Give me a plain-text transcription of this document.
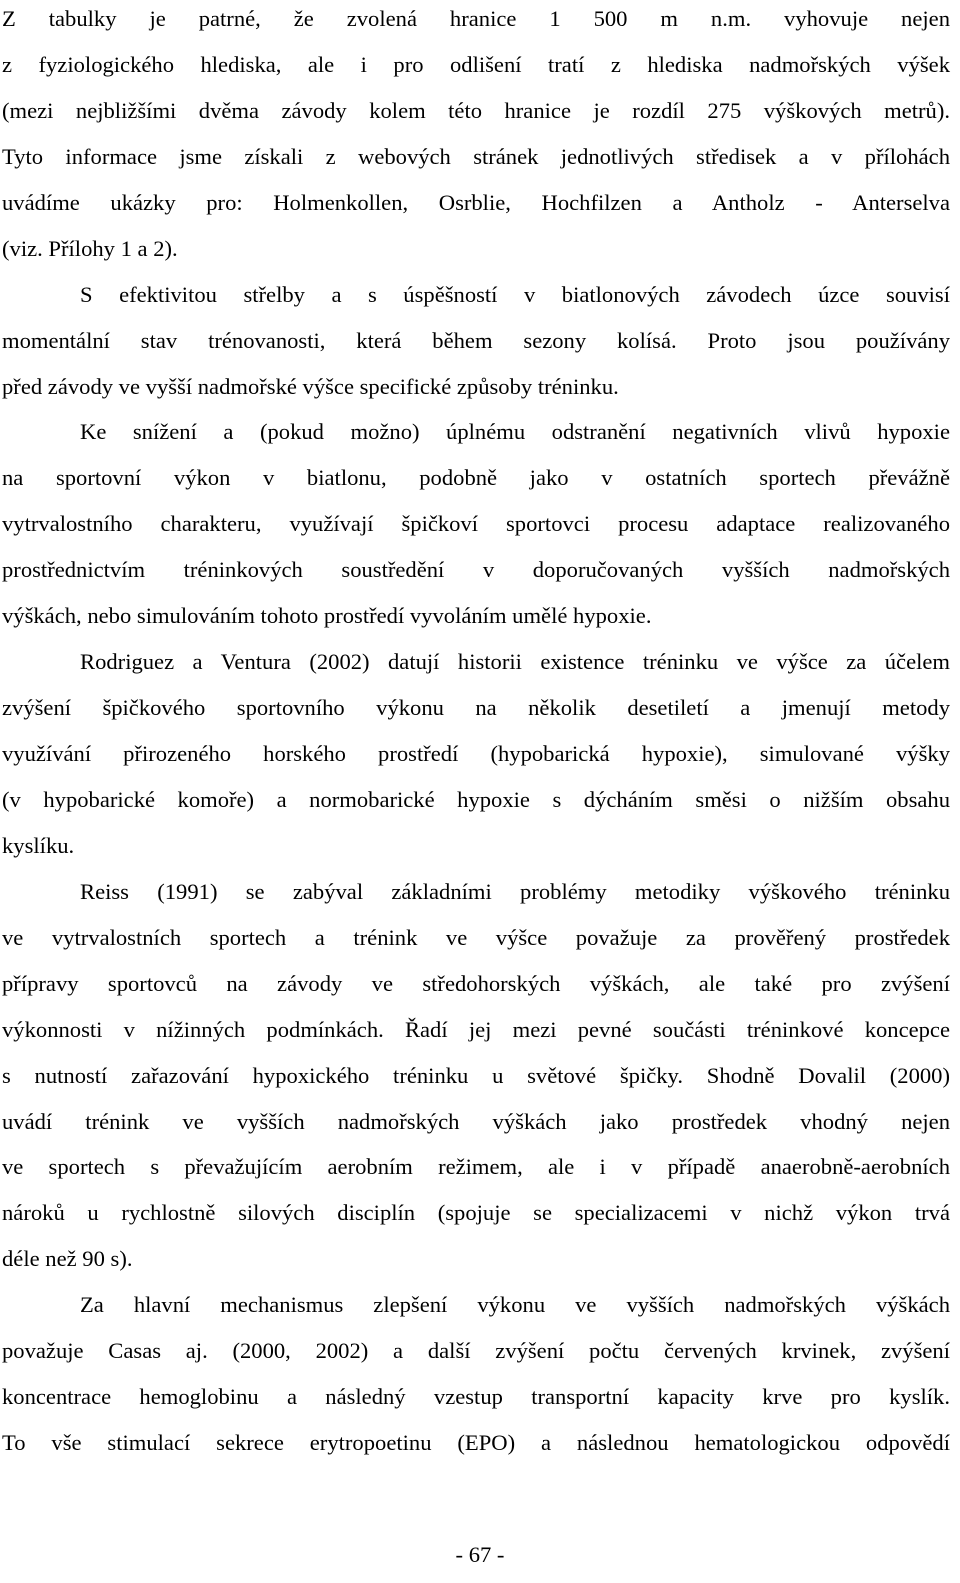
Z tabulky je patrné, že zvolená hranice 1 500 m n.m. vyhovuje nejen
z fyziologického hlediska, ale i pro odlišení tratí z hlediska nadmořských výšek
(mezi nejbližšími dvěma závody kolem této hranice je rozdíl 275 výškových metrů).
Tyto informace jsme získali z webových stránek jednotlivých středisek a v přílohách
uvádíme ukázky pro: Holmenkollen, Osrblie, Hochfilzen a Antholz - Anterselva
(viz. Přílohy 1 a 2).
S efektivitou střelby a s úspěšností v biatlonových závodech úzce souvisí
momentální stav trénovanosti, která během sezony kolísá. Proto jsou používány
před závody ve vyšší nadmořské výšce specifické způsoby tréninku.
Ke snížení a (pokud možno) úplnému odstranění negativních vlivů hypoxie
na sportovní výkon v biatlonu, podobně jako v ostatních sportech převážně
vytrvalostního charakteru, využívají špičkoví sportovci procesu adaptace realizovaného
prostřednictvím tréninkových soustředění v doporučovaných vyšších nadmořských
výškách, nebo simulováním tohoto prostředí vyvoláním umělé hypoxie.
Rodriguez a Ventura (2002) datují historii existence tréninku ve výšce za účelem
zvýšení špičkového sportovního výkonu na několik desetiletí a jmenují metody
využívání přirozeného horského prostředí (hypobarická hypoxie), simulované výšky
(v hypobarické komoře) a normobarické hypoxie s dýcháním směsi o nižším obsahu
kyslíku.
Reiss (1991) se zabýval základními problémy metodiky výškového tréninku
ve vytrvalostních sportech a trénink ve výšce považuje za prověřený prostředek
přípravy sportovců na závody ve středohorských výškách, ale také pro zvýšení
výkonnosti v nížinných podmínkách. Řadí jej mezi pevné součásti tréninkové koncepce
s nutností zařazování hypoxického tréninku u světové špičky. Shodně Dovalil (2000)
uvádí trénink ve vyšších nadmořských výškách jako prostředek vhodný nejen
ve sportech s převažujícím aerobním režimem, ale i v případě anaerobně-aerobních
nároků u rychlostně silových disciplín (spojuje se specializacemi v nichž výkon trvá
déle než 90 s).
Za hlavní mechanismus zlepšení výkonu ve vyšších nadmořských výškách
považuje Casas aj. (2000, 2002) a další zvýšení počtu červených krvinek, zvýšení
koncentrace hemoglobinu a následný vzestup transportní kapacity krve pro kyslík.
To vše stimulací sekrece erytropoetinu (EPO) a následnou hematologickou odpovědí
- 67 -
